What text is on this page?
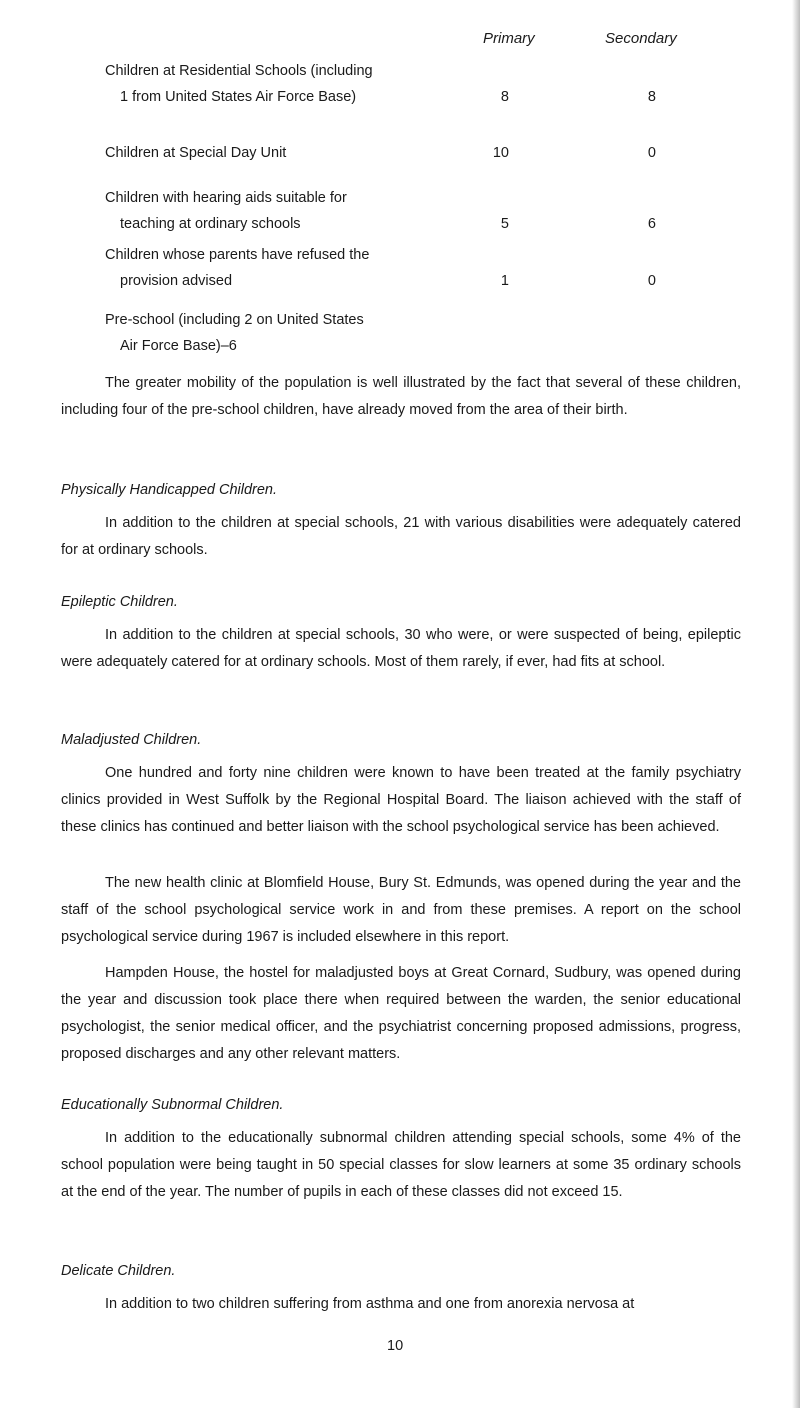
Primary	Secondary
Children at Residential Schools (including
1 from United States Air Force Base)	8	8
Children at Special Day Unit	10	0
Children with hearing aids suitable for
teaching at ordinary schools	5	6
Children whose parents have refused the
provision advised	1	0
Pre-school (including 2 on United States
Air Force Base)–6

The greater mobility of the population is well illustrated by the fact that several of these children, including four of the pre-school children, have already moved from the area of their birth.

Physically Handicapped Children.

In addition to the children at special schools, 21 with various disabilities were adequately catered for at ordinary schools.

Epileptic Children.

In addition to the children at special schools, 30 who were, or were suspected of being, epileptic were adequately catered for at ordinary schools. Most of them rarely, if ever, had fits at school.

Maladjusted Children.

One hundred and forty nine children were known to have been treated at the family psychiatry clinics provided in West Suffolk by the Regional Hospital Board. The liaison achieved with the staff of these clinics has continued and better liaison with the school psychological service has been achieved.

The new health clinic at Blomfield House, Bury St. Edmunds, was opened during the year and the staff of the school psychological service work in and from these premises. A report on the school psychological service during 1967 is included elsewhere in this report.

Hampden House, the hostel for maladjusted boys at Great Cornard, Sudbury, was opened during the year and discussion took place there when required between the warden, the senior educational psychologist, the senior medical officer, and the psychiatrist concerning proposed admissions, progress, proposed discharges and any other relevant matters.

Educationally Subnormal Children.

In addition to the educationally subnormal children attending special schools, some 4% of the school population were being taught in 50 special classes for slow learners at some 35 ordinary schools at the end of the year. The number of pupils in each of these classes did not exceed 15.

Delicate Children.

In addition to two children suffering from asthma and one from anorexia nervosa at

10
